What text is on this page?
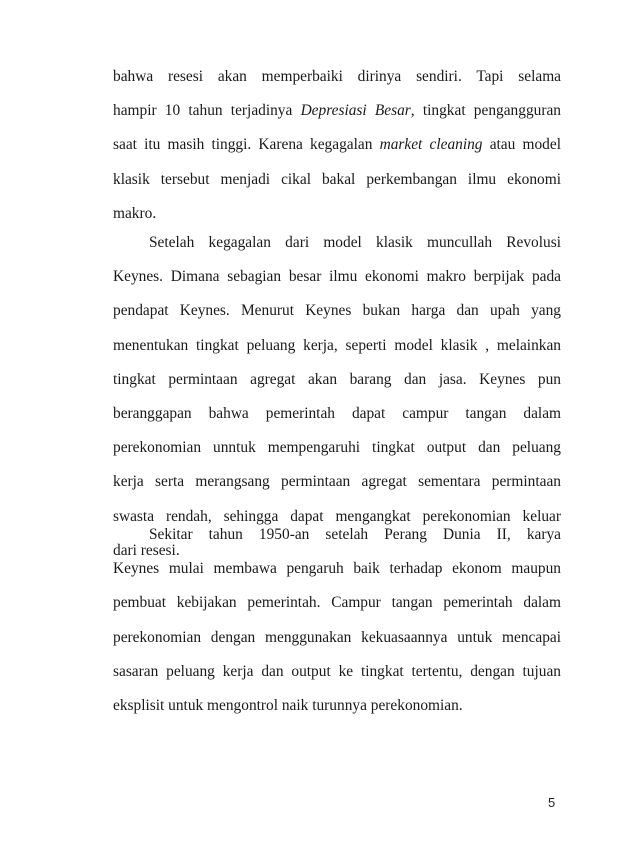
bahwa resesi akan memperbaiki dirinya sendiri. Tapi selama
hampir 10 tahun terjadinya Depresiasi Besar, tingkat pengangguran
saat itu masih tinggi. Karena kegagalan market cleaning atau model
klasik tersebut menjadi cikal bakal perkembangan ilmu ekonomi
makro.
Setelah kegagalan dari model klasik muncullah Revolusi
Keynes. Dimana sebagian besar ilmu ekonomi makro berpijak pada
pendapat Keynes. Menurut Keynes bukan harga dan upah yang
menentukan tingkat peluang kerja, seperti model klasik , melainkan
tingkat permintaan agregat akan barang dan jasa. Keynes pun
beranggapan bahwa pemerintah dapat campur tangan dalam
perekonomian unntuk mempengaruhi tingkat output dan peluang
kerja serta merangsang permintaan agregat sementara permintaan
swasta rendah, sehingga dapat mengangkat perekonomian keluar
dari resesi.
Sekitar tahun 1950-an setelah Perang Dunia II, karya
Keynes mulai membawa pengaruh baik terhadap ekonom maupun
pembuat kebijakan pemerintah. Campur tangan pemerintah dalam
perekonomian dengan menggunakan kekuasaannya untuk mencapai
sasaran peluang kerja dan output ke tingkat tertentu, dengan tujuan
eksplisit untuk mengontrol naik turunnya perekonomian.
5
